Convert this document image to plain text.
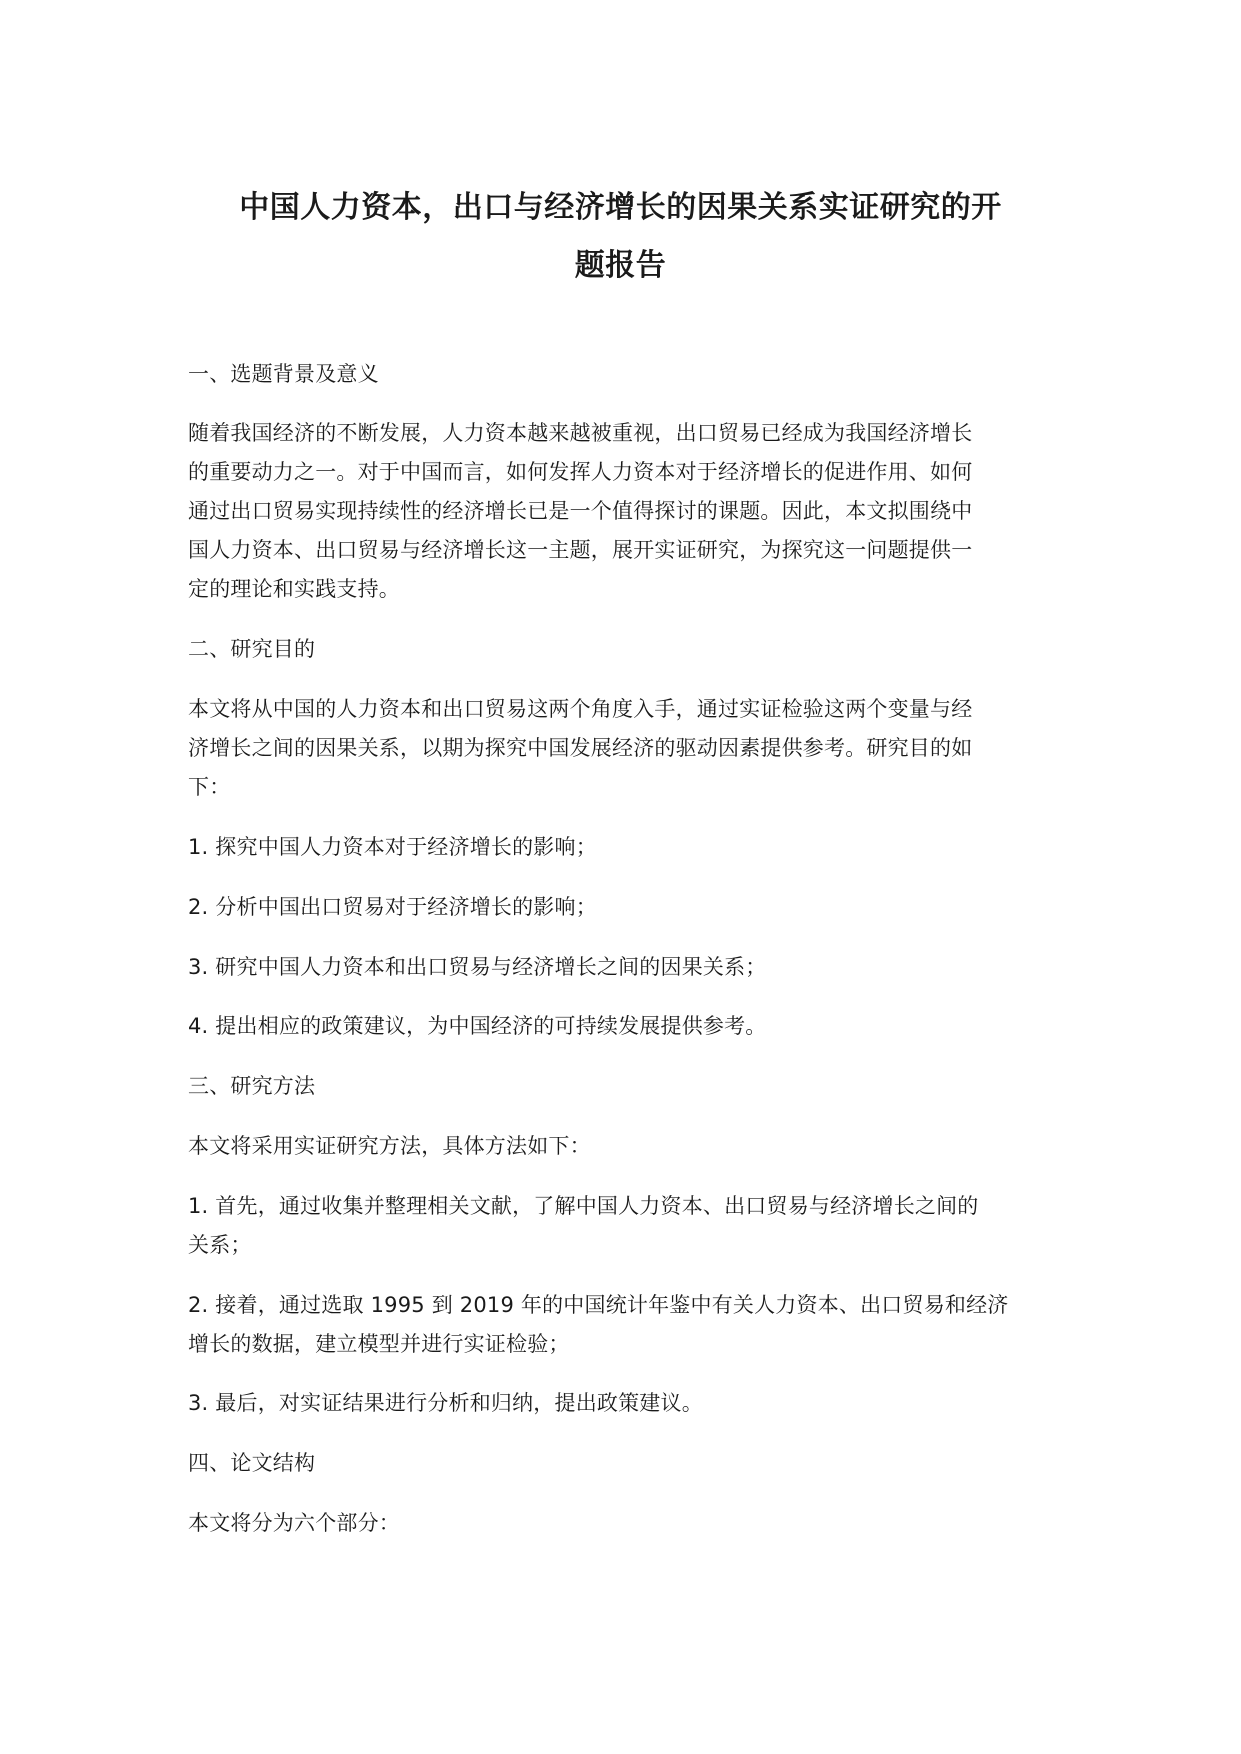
中国人力资本，出口与经济增长的因果关系实证研究的开
题报告
一、选题背景及意义
随着我国经济的不断发展，人力资本越来越被重视，出口贸易已经成为我国经济增长
的重要动力之一。对于中国而言，如何发挥人力资本对于经济增长的促进作用、如何
通过出口贸易实现持续性的经济增长已是一个值得探讨的课题。因此，本文拟围绕中
国人力资本、出口贸易与经济增长这一主题，展开实证研究，为探究这一问题提供一
定的理论和实践支持。
二、研究目的
本文将从中国的人力资本和出口贸易这两个角度入手，通过实证检验这两个变量与经
济增长之间的因果关系，以期为探究中国发展经济的驱动因素提供参考。研究目的如
下：
1. 探究中国人力资本对于经济增长的影响；
2. 分析中国出口贸易对于经济增长的影响；
3. 研究中国人力资本和出口贸易与经济增长之间的因果关系；
4. 提出相应的政策建议，为中国经济的可持续发展提供参考。
三、研究方法
本文将采用实证研究方法，具体方法如下：
1. 首先，通过收集并整理相关文献，了解中国人力资本、出口贸易与经济增长之间的
关系；
2. 接着，通过选取 1995 到 2019 年的中国统计年鉴中有关人力资本、出口贸易和经济
增长的数据，建立模型并进行实证检验；
3. 最后，对实证结果进行分析和归纳，提出政策建议。
四、论文结构
本文将分为六个部分：
